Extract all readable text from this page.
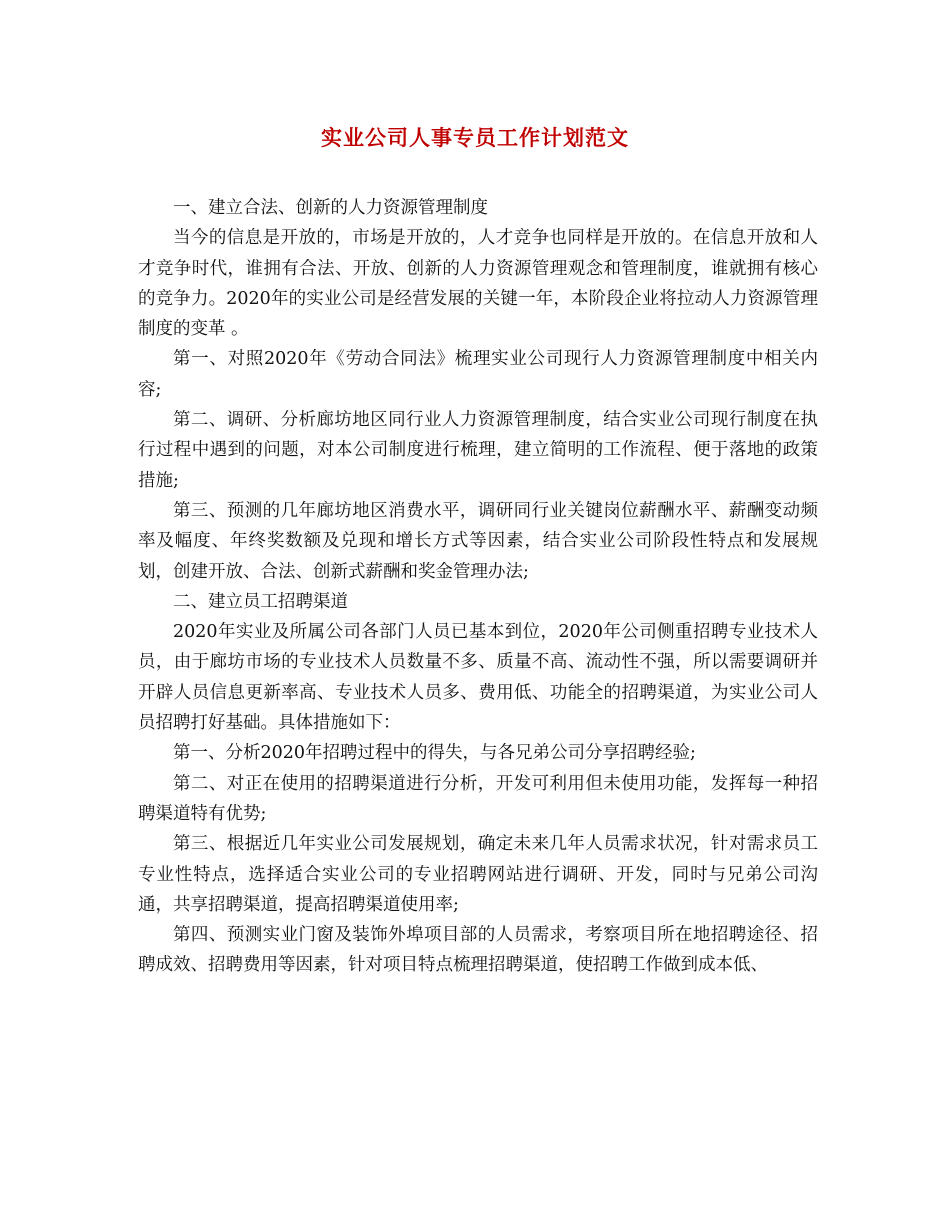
实业公司人事专员工作计划范文

一、建立合法、创新的人力资源管理制度

当今的信息是开放的，市场是开放的，人才竞争也同样是开放的。在信息开放和人才竞争时代，谁拥有合法、开放、创新的人力资源管理观念和管理制度，谁就拥有核心的竞争力。2020年的实业公司是经营发展的关键一年，本阶段企业将拉动人力资源管理制度的变革 。

第一、对照2020年《劳动合同法》梳理实业公司现行人力资源管理制度中相关内容;

第二、调研、分析廊坊地区同行业人力资源管理制度，结合实业公司现行制度在执行过程中遇到的问题，对本公司制度进行梳理，建立简明的工作流程、便于落地的政策措施;

第三、预测的几年廊坊地区消费水平，调研同行业关键岗位薪酬水平、薪酬变动频率及幅度、年终奖数额及兑现和增长方式等因素，结合实业公司阶段性特点和发展规划，创建开放、合法、创新式薪酬和奖金管理办法;

二、建立员工招聘渠道

2020年实业及所属公司各部门人员已基本到位，2020年公司侧重招聘专业技术人员，由于廊坊市场的专业技术人员数量不多、质量不高、流动性不强，所以需要调研并开辟人员信息更新率高、专业技术人员多、费用低、功能全的招聘渠道，为实业公司人员招聘打好基础。具体措施如下：

第一、分析2020年招聘过程中的得失，与各兄弟公司分享招聘经验;

第二、对正在使用的招聘渠道进行分析，开发可利用但未使用功能，发挥每一种招聘渠道特有优势;

第三、根据近几年实业公司发展规划，确定未来几年人员需求状况，针对需求员工专业性特点，选择适合实业公司的专业招聘网站进行调研、开发，同时与兄弟公司沟通，共享招聘渠道，提高招聘渠道使用率;

第四、预测实业门窗及装饰外埠项目部的人员需求，考察项目所在地招聘途径、招聘成效、招聘费用等因素，针对项目特点梳理招聘渠道，使招聘工作做到成本低、
